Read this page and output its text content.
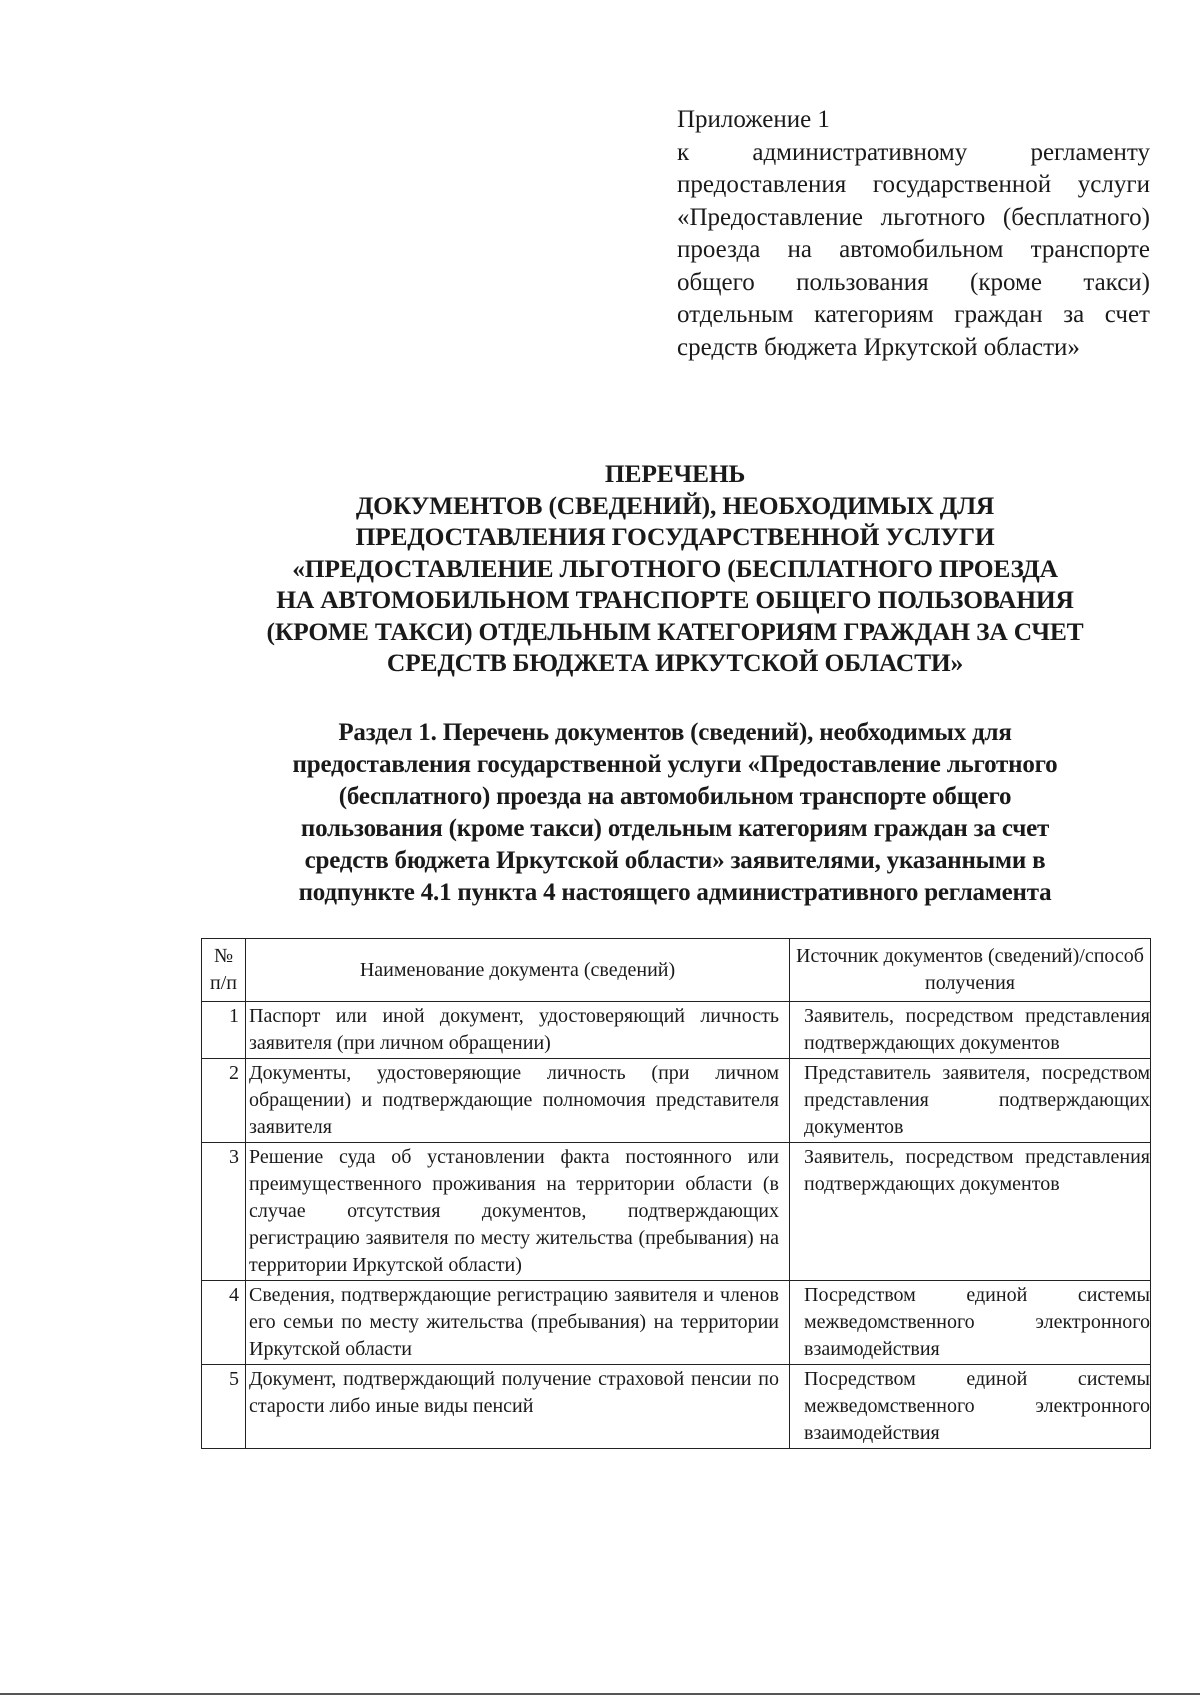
Приложение 1
к административному регламенту предоставления государственной услуги «Предоставление льготного (бесплатного) проезда на автомобильном транспорте общего пользования (кроме такси) отдельным категориям граждан за счет средств бюджета Иркутской области»
ПЕРЕЧЕНЬ
ДОКУМЕНТОВ (СВЕДЕНИЙ), НЕОБХОДИМЫХ ДЛЯ
ПРЕДОСТАВЛЕНИЯ ГОСУДАРСТВЕННОЙ УСЛУГИ
«ПРЕДОСТАВЛЕНИЕ ЛЬГОТНОГО (БЕСПЛАТНОГО ПРОЕЗДА
НА АВТОМОБИЛЬНОМ ТРАНСПОРТЕ ОБЩЕГО ПОЛЬЗОВАНИЯ
(КРОМЕ ТАКСИ) ОТДЕЛЬНЫМ КАТЕГОРИЯМ ГРАЖДАН ЗА СЧЕТ
СРЕДСТВ БЮДЖЕТА ИРКУТСКОЙ ОБЛАСТИ»
Раздел 1. Перечень документов (сведений), необходимых для
предоставления государственной услуги «Предоставление льготного
(бесплатного) проезда на автомобильном транспорте общего
пользования (кроме такси) отдельным категориям граждан за счет
средств бюджета Иркутской области» заявителями, указанными в
подпункте 4.1 пункта 4 настоящего административного регламента
№ п/п	Наименование документа (сведений)	Источник документов (сведений)/способ получения
1	Паспорт или иной документ, удостоверяющий личность заявителя (при личном обращении)	Заявитель, посредством представления подтверждающих документов
2	Документы, удостоверяющие личность (при личном обращении) и подтверждающие полномочия представителя заявителя	Представитель заявителя, посредством представления подтверждающих документов
3	Решение суда об установлении факта постоянного или преимущественного проживания на территории области (в случае отсутствия документов, подтверждающих регистрацию заявителя по месту жительства (пребывания) на территории Иркутской области)	Заявитель, посредством представления подтверждающих документов
4	Сведения, подтверждающие регистрацию заявителя и членов его семьи по месту жительства (пребывания) на территории Иркутской области	Посредством единой системы межведомственного электронного взаимодействия
5	Документ, подтверждающий получение страховой пенсии по старости либо иные виды пенсий	Посредством единой системы межведомственного электронного взаимодействия
